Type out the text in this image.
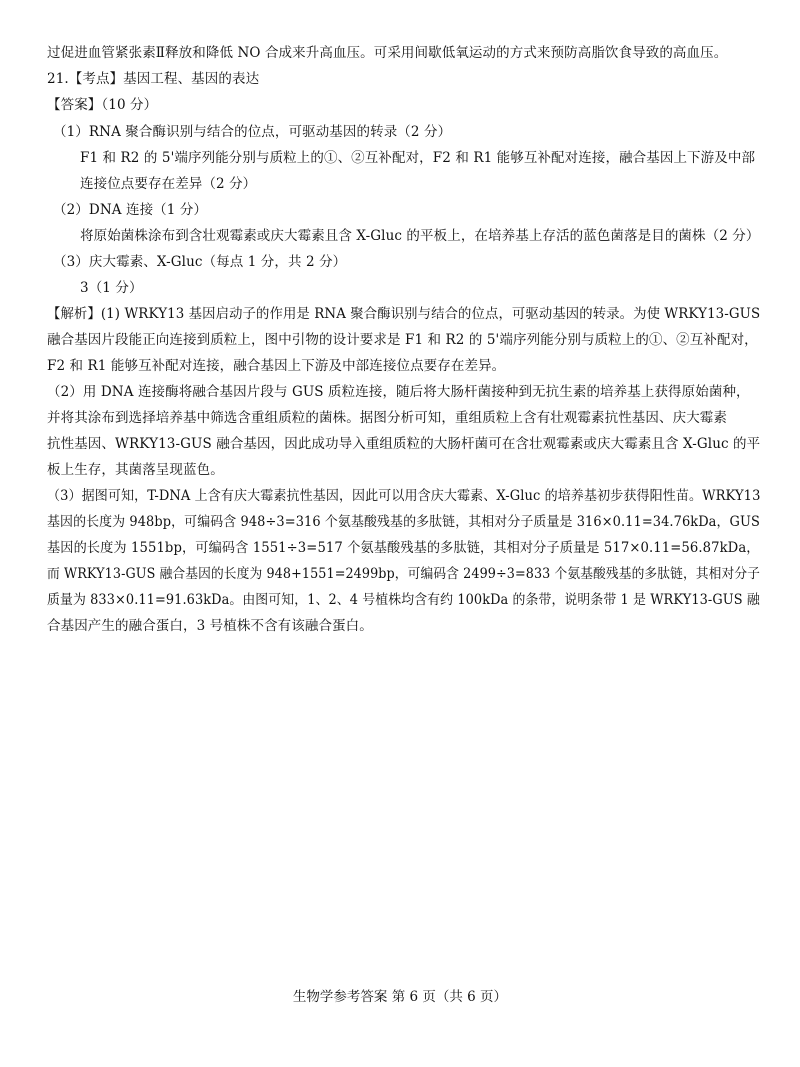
过促进血管紧张素Ⅱ释放和降低 NO 合成来升高血压。可采用间歇低氧运动的方式来预防高脂饮食导致的高血压。
21.【考点】基因工程、基因的表达
【答案】（10 分）
（1）RNA 聚合酶识别与结合的位点，可驱动基因的转录（2 分）
F1 和 R2 的 5'端序列能分别与质粒上的①、②互补配对，F2 和 R1 能够互补配对连接，融合基因上下游及中部
连接位点要存在差异（2 分）
（2）DNA 连接（1 分）
将原始菌株涂布到含壮观霉素或庆大霉素且含 X-Gluc 的平板上，在培养基上存活的蓝色菌落是目的菌株（2 分）
（3）庆大霉素、X-Gluc（每点 1 分，共 2 分）
3（1 分）
【解析】(1) WRKY13 基因启动子的作用是 RNA 聚合酶识别与结合的位点，可驱动基因的转录。为使 WRKY13-GUS
融合基因片段能正向连接到质粒上，图中引物的设计要求是 F1 和 R2 的 5'端序列能分别与质粒上的①、②互补配对，
F2 和 R1 能够互补配对连接，融合基因上下游及中部连接位点要存在差异。
（2）用 DNA 连接酶将融合基因片段与 GUS 质粒连接，随后将大肠杆菌接种到无抗生素的培养基上获得原始菌种，
并将其涂布到选择培养基中筛选含重组质粒的菌株。据图分析可知，重组质粒上含有壮观霉素抗性基因、庆大霉素
抗性基因、WRKY13-GUS 融合基因，因此成功导入重组质粒的大肠杆菌可在含壮观霉素或庆大霉素且含 X-Gluc 的平
板上生存，其菌落呈现蓝色。
（3）据图可知，T-DNA 上含有庆大霉素抗性基因，因此可以用含庆大霉素、X-Gluc 的培养基初步获得阳性苗。WRKY13
基因的长度为 948bp，可编码含 948÷3=316 个氨基酸残基的多肽链，其相对分子质量是 316×0.11=34.76kDa，GUS
基因的长度为 1551bp，可编码含 1551÷3=517 个氨基酸残基的多肽链，其相对分子质量是 517×0.11=56.87kDa，
而 WRKY13-GUS 融合基因的长度为 948+1551=2499bp，可编码含 2499÷3=833 个氨基酸残基的多肽链，其相对分子
质量为 833×0.11=91.63kDa。由图可知，1、2、4 号植株均含有约 100kDa 的条带，说明条带 1 是 WRKY13-GUS 融
合基因产生的融合蛋白，3 号植株不含有该融合蛋白。
生物学参考答案 第 6 页（共 6 页）
